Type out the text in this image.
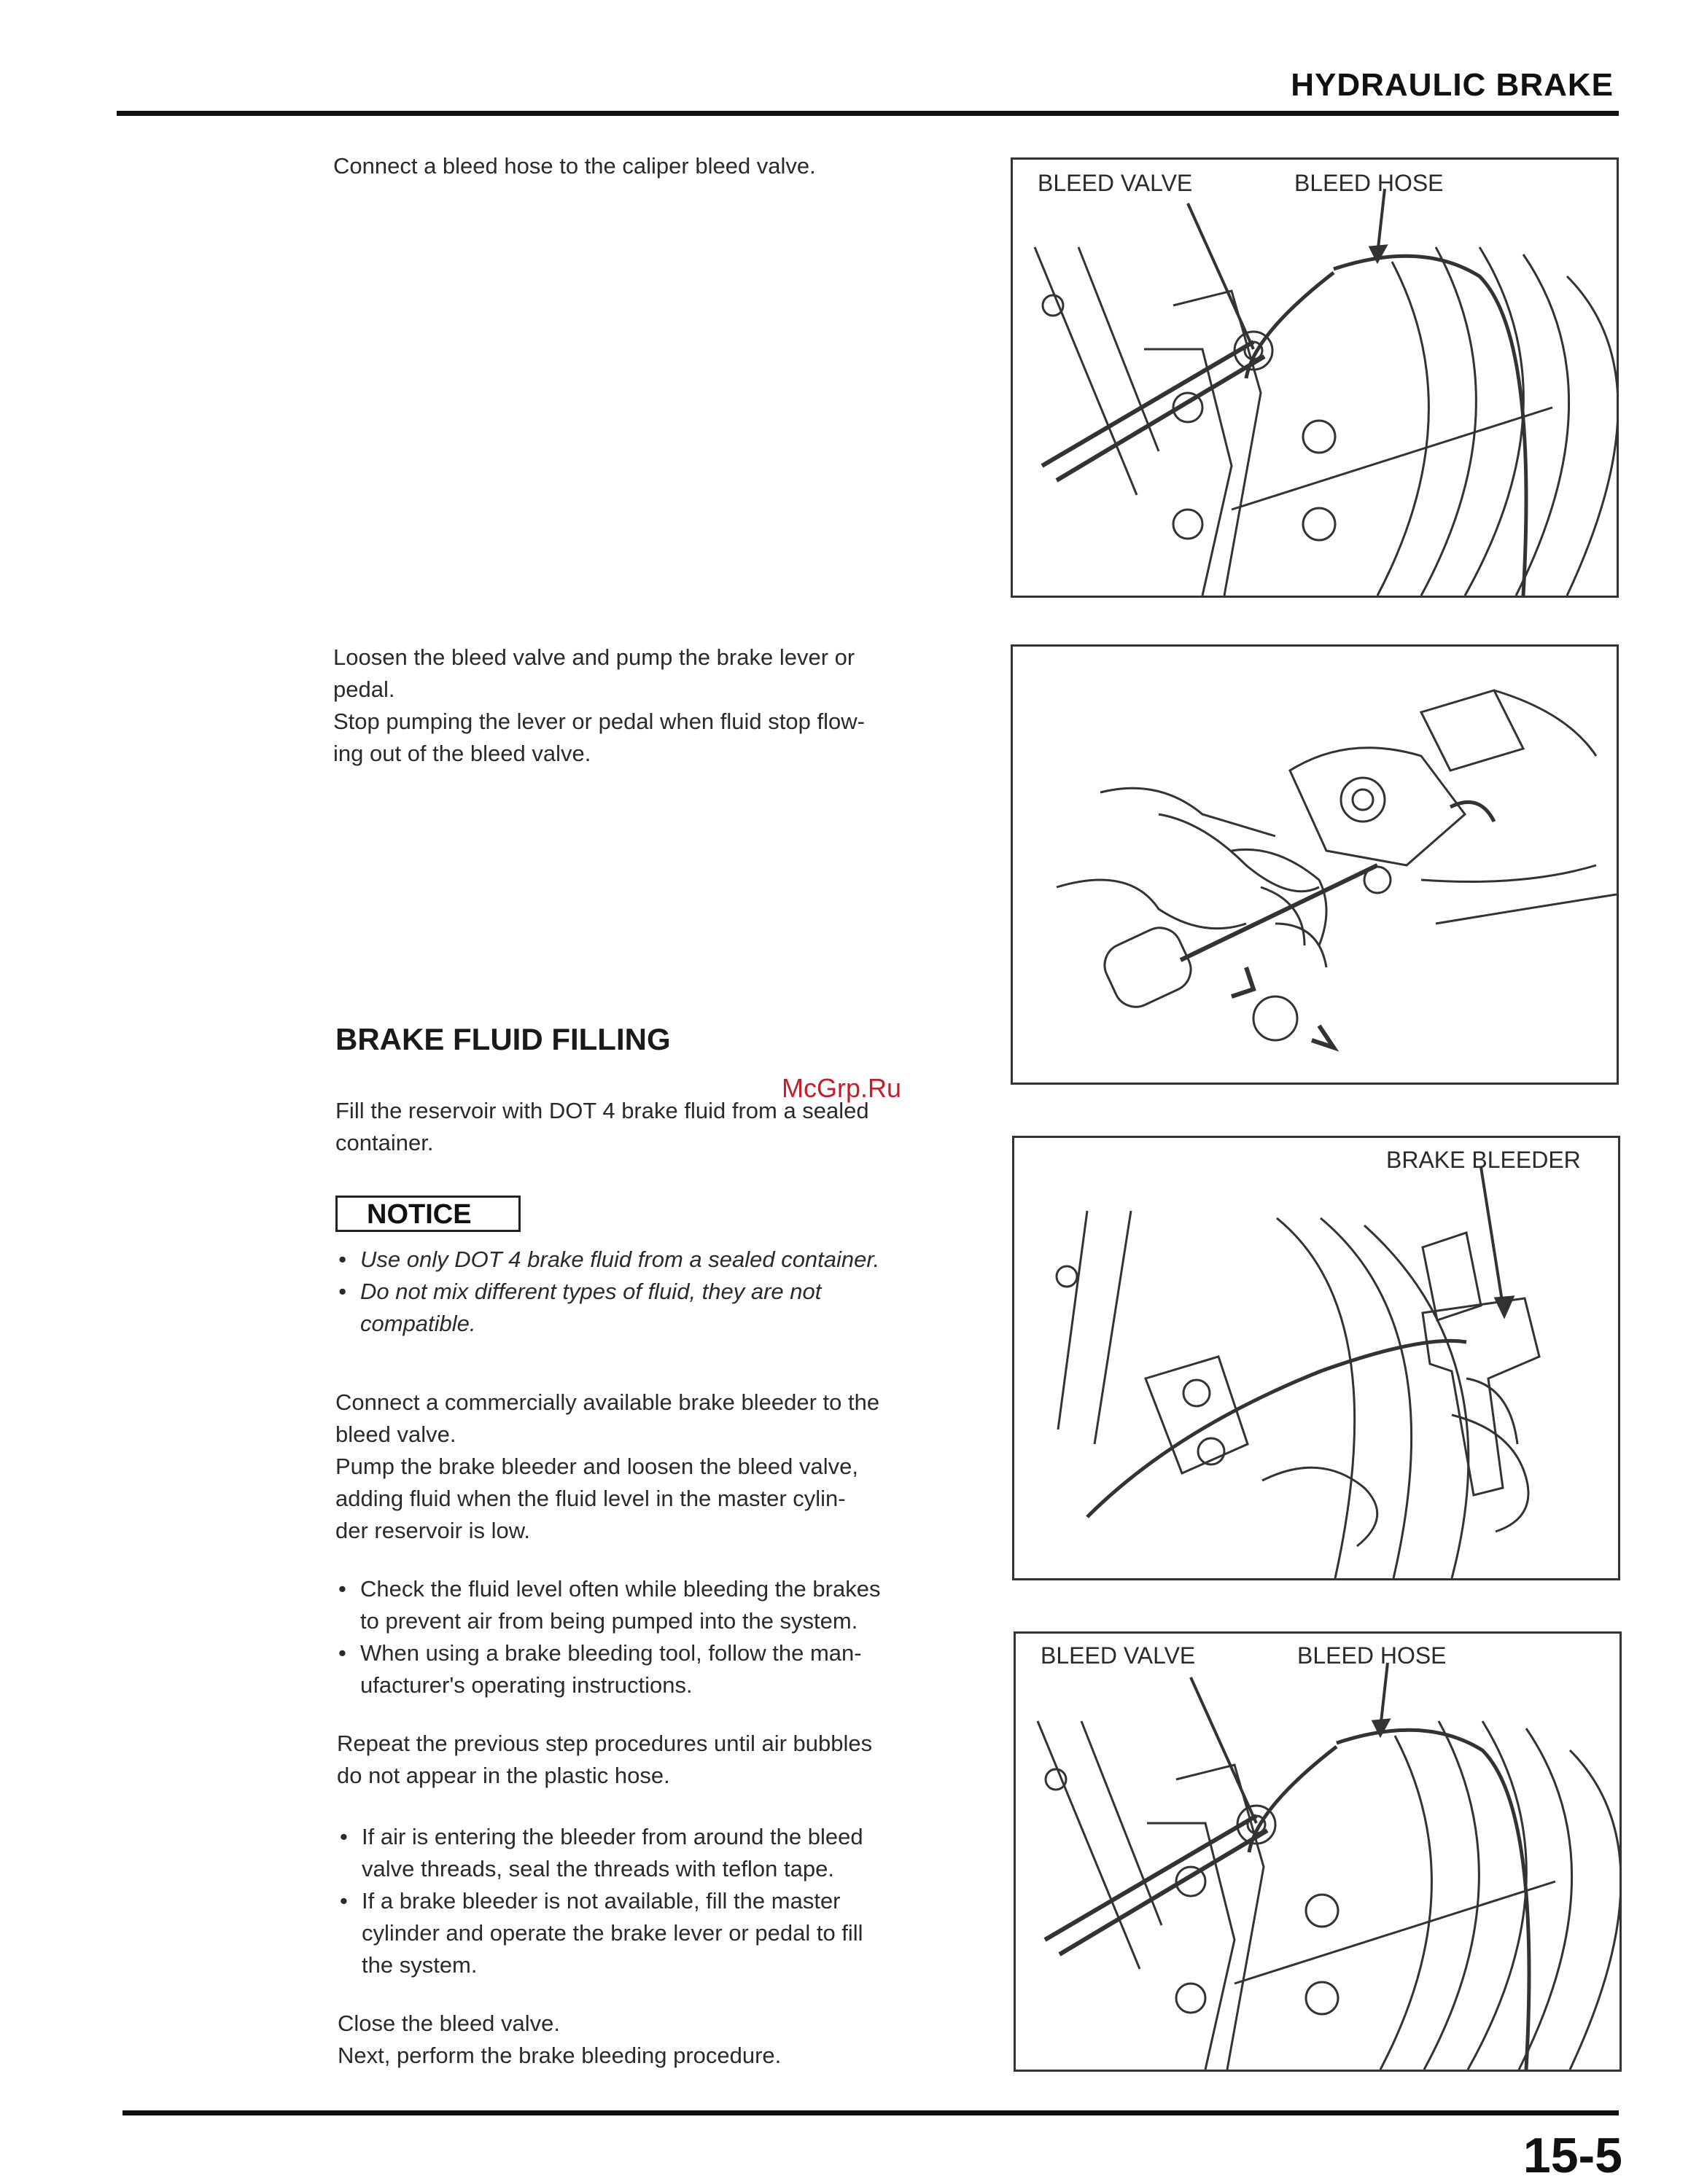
HYDRAULIC BRAKE
McGrp.Ru
Connect a bleed hose to the caliper bleed valve.
Loosen the bleed valve and pump the brake lever or
pedal.
Stop pumping the lever or pedal when fluid stop flow-
ing out of the bleed valve.
BRAKE FLUID FILLING
Fill the reservoir with DOT 4 brake fluid from a sealed
container.
NOTICE
• Use only DOT 4 brake fluid from a sealed container.
• Do not mix different types of fluid, they are not
compatible.
Connect a commercially available brake bleeder to the
bleed valve.
Pump the brake bleeder and loosen the bleed valve,
adding fluid when the fluid level in the master cylin-
der reservoir is low.
• Check the fluid level often while bleeding the brakes
to prevent air from being pumped into the system.
• When using a brake bleeding tool, follow the man-
ufacturer's operating instructions.
Repeat the previous step procedures until air bubbles
do not appear in the plastic hose.
• If air is entering the bleeder from around the bleed
valve threads, seal the threads with teflon tape.
• If a brake bleeder is not available, fill the master
cylinder and operate the brake lever or pedal to fill
the system.
Close the bleed valve.
Next, perform the brake bleeding procedure.
BLEED VALVE	BLEED HOSE
BRAKE BLEEDER
BLEED VALVE	BLEED HOSE
15-5
